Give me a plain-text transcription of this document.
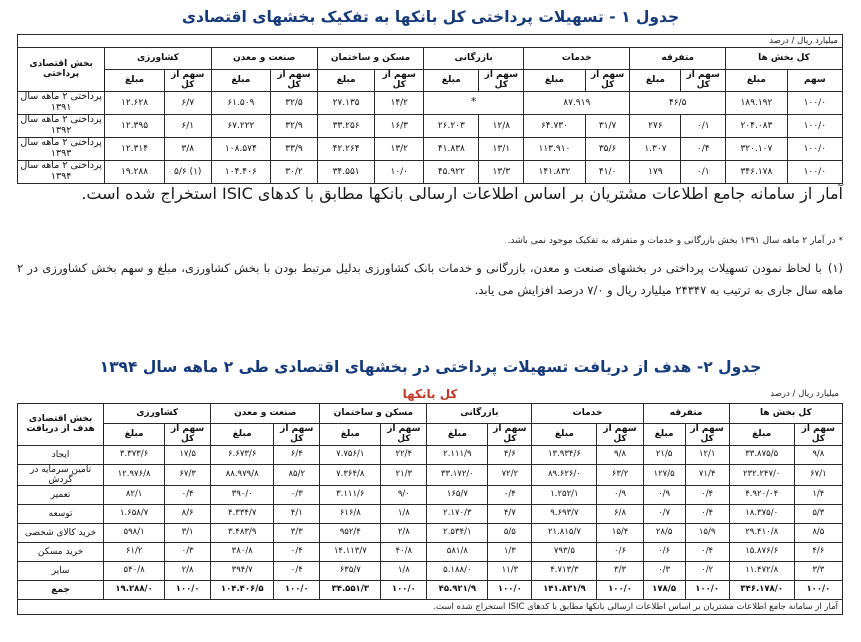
جدول ۱ - تسهیلات پرداختی کل بانکها به تفکیک بخشهای اقتصادی
میلیارد ریال / درصد
کل بخش ها		متفرقه		خدمات		بازرگانی		مسکن و ساختمان		صنعت و معدن		کشاورزی		بخش اقتصادی
پرداختی

سهم	مبلغ	سهم از کل	مبلغ	سهم از کل	مبلغ	سهم از کل	مبلغ	سهم از کل	مبلغ	سهم از کل	مبلغ	سهم از کل	مبلغ	
۱۰۰/۰	۱۸۹.۱۹۲	۴۶/۵		۸۷.۹۱۹		*		۱۴/۲	۲۷.۱۳۵	۳۲/۵	۶۱.۵۰۹	۶/۷	۱۲.۶۲۸	پرداختی ۲ ماهه سال ۱۳۹۱
۱۰۰/۰	۲۰۴.۰۸۳	۰/۱	۲۷۶	۳۱/۷	۶۴.۷۳۰	۱۲/۸	۲۶.۲۰۳	۱۶/۳	۳۳.۲۵۶	۳۲/۹	۶۷.۲۲۲	۶/۱	۱۲.۳۹۵	پرداختی ۲ ماهه سال ۱۳۹۲
۱۰۰/۰	۳۲۰.۱۰۷	۰/۴	۱.۳۰۷	۳۵/۶	۱۱۳.۹۱۰	۱۳/۱	۴۱.۸۳۸	۱۳/۲	۴۲.۲۶۴	۳۳/۹	۱۰۸.۵۷۴	۳/۸	۱۲.۳۱۴	پرداختی ۲ ماهه سال ۱۳۹۳
۱۰۰/۰	۳۴۶.۱۷۸	۰/۱	۱۷۹	۴۱/۰	۱۴۱.۸۳۲	۱۳/۳	۴۵.۹۲۲	۱۰/۰	۳۴.۵۵۱	۳۰/۲	۱۰۴.۴۰۶	(۱) ۵/۶	۱۹.۲۸۸	پرداختی ۲ ماهه سال ۱۳۹۴
آمار از سامانه جامع اطلاعات مشتریان بر اساس اطلاعات ارسالی بانکها مطابق با کدهای ISIC استخراج شده است.
* در آمار ۲ ماهه سال ۱۳۹۱ بخش بازرگانی و خدمات و متفرقه به تفکیک موجود نمی باشد.
(۱)
با لحاظ نمودن تسهیلات پرداختی در بخشهای صنعت و معدن، بازرگانی و خدمات بانک کشاورزی بدلیل مرتبط بودن با بخش کشاورزی، مبلغ و سهم بخش کشاورزی در ۲ ماهه سال جاری به ترتیب به ۲۴۳۴۷ میلیارد ریال و ۷/۰ درصد افزایش می یابد.
جدول ۲- هدف از دریافت تسهیلات پرداختی در بخشهای اقتصادی طی ۲ ماهه سال ۱۳۹۴
میلیارد ریال / درصد
کل بانکها
کل بخش ها		متفرقه		خدمات		بازرگانی		مسکن و ساختمان		صنعت و معدن		کشاورزی		بخش اقتصادی
هدف از دریافت

سهم از کل	مبلغ	سهم از کل	مبلغ	سهم از کل	مبلغ	سهم از کل	مبلغ	سهم از کل	مبلغ	سهم از کل	مبلغ	سهم از کل	مبلغ	
۹/۸	۳۳.۸۷۵/۵	۱۲/۱	۲۱/۵	۹/۸	۱۳.۹۳۴/۶	۴/۶	۲.۱۱۱/۹	۲۲/۴	۷.۷۵۶/۱	۶/۴	۶.۶۷۳/۶	۱۷/۵	۳.۳۷۳/۶	ایجاد
۶۷/۱	۲۳۲.۲۴۷/۰	۷۱/۴	۱۲۷/۵	۶۳/۲	۸۹.۶۲۶/۰	۷۲/۲	۳۳.۱۷۲/۰	۲۱/۳	۷.۳۶۴/۸	۸۵/۲	۸۸.۹۷۹/۸	۶۷/۳	۱۲.۹۷۶/۸	تامین سرمایه در گردش
۱/۴	۴.۹۲۰/۰۴	۰/۴	۰/۹	۰/۹	۱.۲۵۲/۱	۰/۴	۱۶۵/۷	۹/۰	۳.۱۱۱/۶	۰/۳	۳۹۰/۰	۰/۴	۸۲/۱	تعمیر
۵/۳	۱۸.۳۷۵/۰	۰/۴	۰/۷	۶/۸	۹.۶۹۳/۷	۴/۷	۲.۱۷۰/۳	۱/۸	۶۱۶/۸	۴/۱	۴.۳۳۴/۷	۸/۶	۱.۶۵۸/۷	توسعه
۸/۵	۲۹.۴۱۰/۸	۱۵/۹	۲۸/۵	۱۵/۴	۲۱.۸۱۵/۷	۵/۵	۲.۵۳۴/۱	۲/۸	۹۵۲/۴	۳/۳	۳.۴۸۳/۹	۳/۱	۵۹۸/۱	خرید کالای شخصی
۴/۶	۱۵.۸۷۶/۶	۰/۴	۰/۶	۰/۶	۷۹۳/۵	۱/۳	۵۸۱/۸	۴۰/۸	۱۴.۱۱۳/۷	۰/۴	۳۸۰/۸	۰/۳	۶۱/۲	خرید مسکن
۳/۳	۱۱.۴۷۲/۸	۰/۲	۰/۳	۳/۳	۴.۷۱۳/۳	۱۱/۳	۵.۱۸۸/۰	۱/۸	۶۳۵/۷	۰/۴	۳۹۴/۷	۲/۸	۵۴۰/۸	سایر
۱۰۰/۰	۳۴۶.۱۷۸/۰	۱۰۰/۰	۱۷۸/۵	۱۰۰/۰	۱۴۱.۸۳۱/۹	۱۰۰/۰	۴۵.۹۲۱/۹	۱۰۰/۰	۳۴.۵۵۱/۳	۱۰۰/۰	۱۰۴.۴۰۶/۵	۱۰۰/۰	۱۹.۲۸۸/۰	جمع
آمار از سامانه جامع اطلاعات مشتریان بر اساس اطلاعات ارسالی بانکها مطابق با کدهای ISIC استخراج شده است.
